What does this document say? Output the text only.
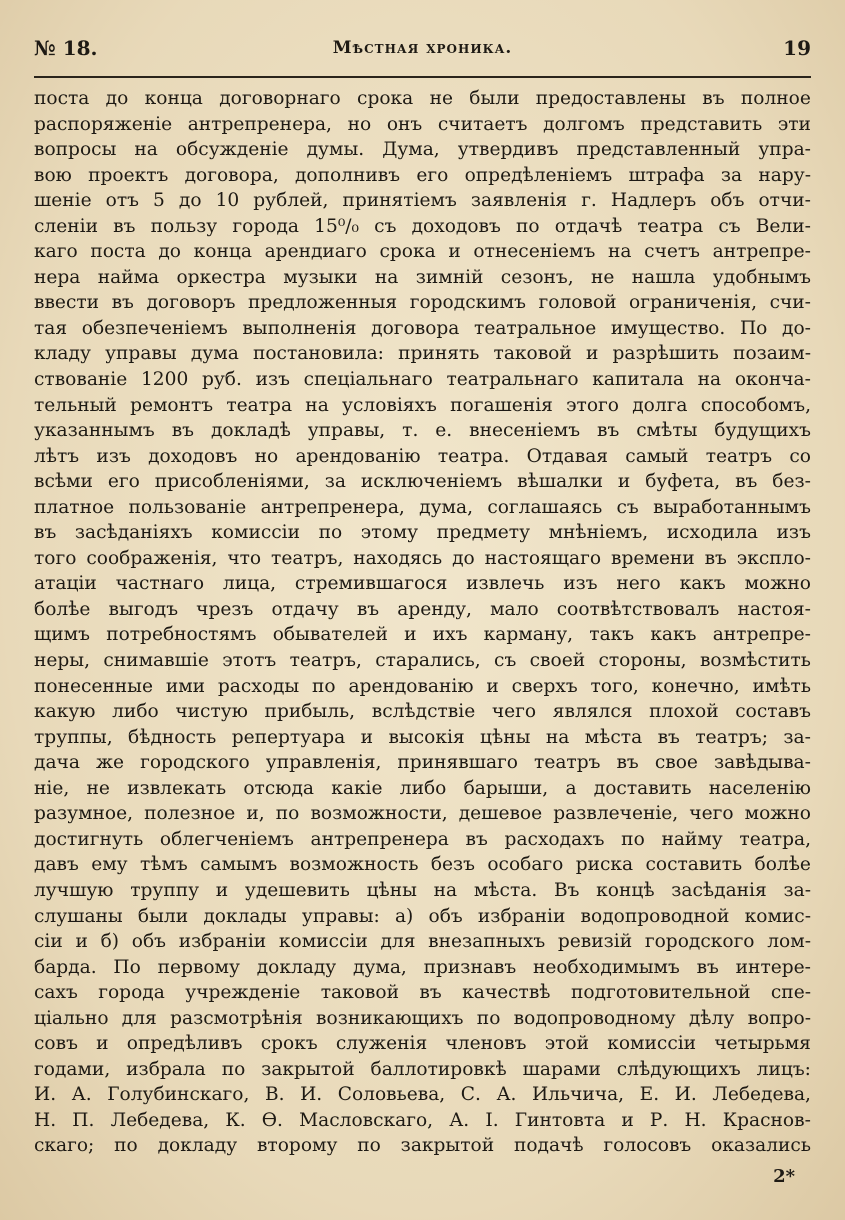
№ 18.	Мѣстная хроника.	19
поста до конца договорнаго срока не были предоставлены въ полное
распоряженіе антрепренера, но онъ считаетъ долгомъ представить эти
вопросы на обсужденіе думы. Дума, утвердивъ представленный упра-
вою проектъ договора, дополнивъ его опредѣленіемъ штрафа за нару-
шеніе отъ 5 до 10 рублей, принятіемъ заявленія г. Надлеръ объ отчи-
сленіи въ пользу города 15⁰/₀ съ доходовъ по отдачѣ театра съ Вели-
каго поста до конца арендиаго срока и отнесеніемъ на счетъ антрепре-
нера найма оркестра музыки на зимній сезонъ, не нашла удобнымъ
ввести въ договоръ предложенныя городскимъ головой ограниченія, счи-
тая обезпеченіемъ выполненія договора театральное имущество. По до-
кладу управы дума постановила: принять таковой и разрѣшить позаим-
ствованіе 1200 руб. изъ спеціальнаго театральнаго капитала на оконча-
тельный ремонтъ театра на условіяхъ погашенія этого долга способомъ,
указаннымъ въ докладѣ управы, т. е. внесеніемъ въ смѣты будущихъ
лѣтъ изъ доходовъ но арендованію театра. Отдавая самый театръ со
всѣми его присобленіями, за исключеніемъ вѣшалки и буфета, въ без-
платное пользованіе антрепренера, дума, соглашаясь съ выработаннымъ
въ засѣданіяхъ комиссіи по этому предмету мнѣніемъ, исходила изъ
того соображенія, что театръ, находясь до настоящаго времени въ экспло-
атаціи частнаго лица, стремившагося извлечь изъ него какъ можно
болѣе выгодъ чрезъ отдачу въ аренду, мало соотвѣтствовалъ настоя-
щимъ потребностямъ обывателей и ихъ карману, такъ какъ антрепре-
неры, снимавшіе этотъ театръ, старались, съ своей стороны, возмѣстить
понесенные ими расходы по арендованію и сверхъ того, конечно, имѣть
какую либо чистую прибыль, вслѣдствіе чего являлся плохой составъ
труппы, бѣдность репертуара и высокія цѣны на мѣста въ театръ; за-
дача же городского управленія, принявшаго театръ въ свое завѣдыва-
ніе, не извлекать отсюда какіе либо барыши, а доставить населенію
разумное, полезное и, по возможности, дешевое развлеченіе, чего можно
достигнуть облегченіемъ антрепренера въ расходахъ по найму театра,
давъ ему тѣмъ самымъ возможность безъ особаго риска составить болѣе
лучшую труппу и удешевить цѣны на мѣста. Въ концѣ засѣданія за-
слушаны были доклады управы: а) объ избраніи водопроводной комис-
сіи и б) объ избраніи комиссіи для внезапныхъ ревизій городского лом-
барда. По первому докладу дума, признавъ необходимымъ въ интере-
сахъ города учрежденіе таковой въ качествѣ подготовительной спе-
ціально для разсмотрѣнія возникающихъ по водопроводному дѣлу вопро-
совъ и опредѣливъ срокъ служенія членовъ этой комиссіи четырьмя
годами, избрала по закрытой баллотировкѣ шарами слѣдующихъ лицъ:
И. А. Голубинскаго, В. И. Соловьева, С. А. Ильчича, Е. И. Лебедева,
Н. П. Лебедева, К. Ѳ. Масловскаго, А. І. Гинтовта и Р. Н. Краснов-
скаго; по докладу второму по закрытой подачѣ голосовъ оказались
2*
